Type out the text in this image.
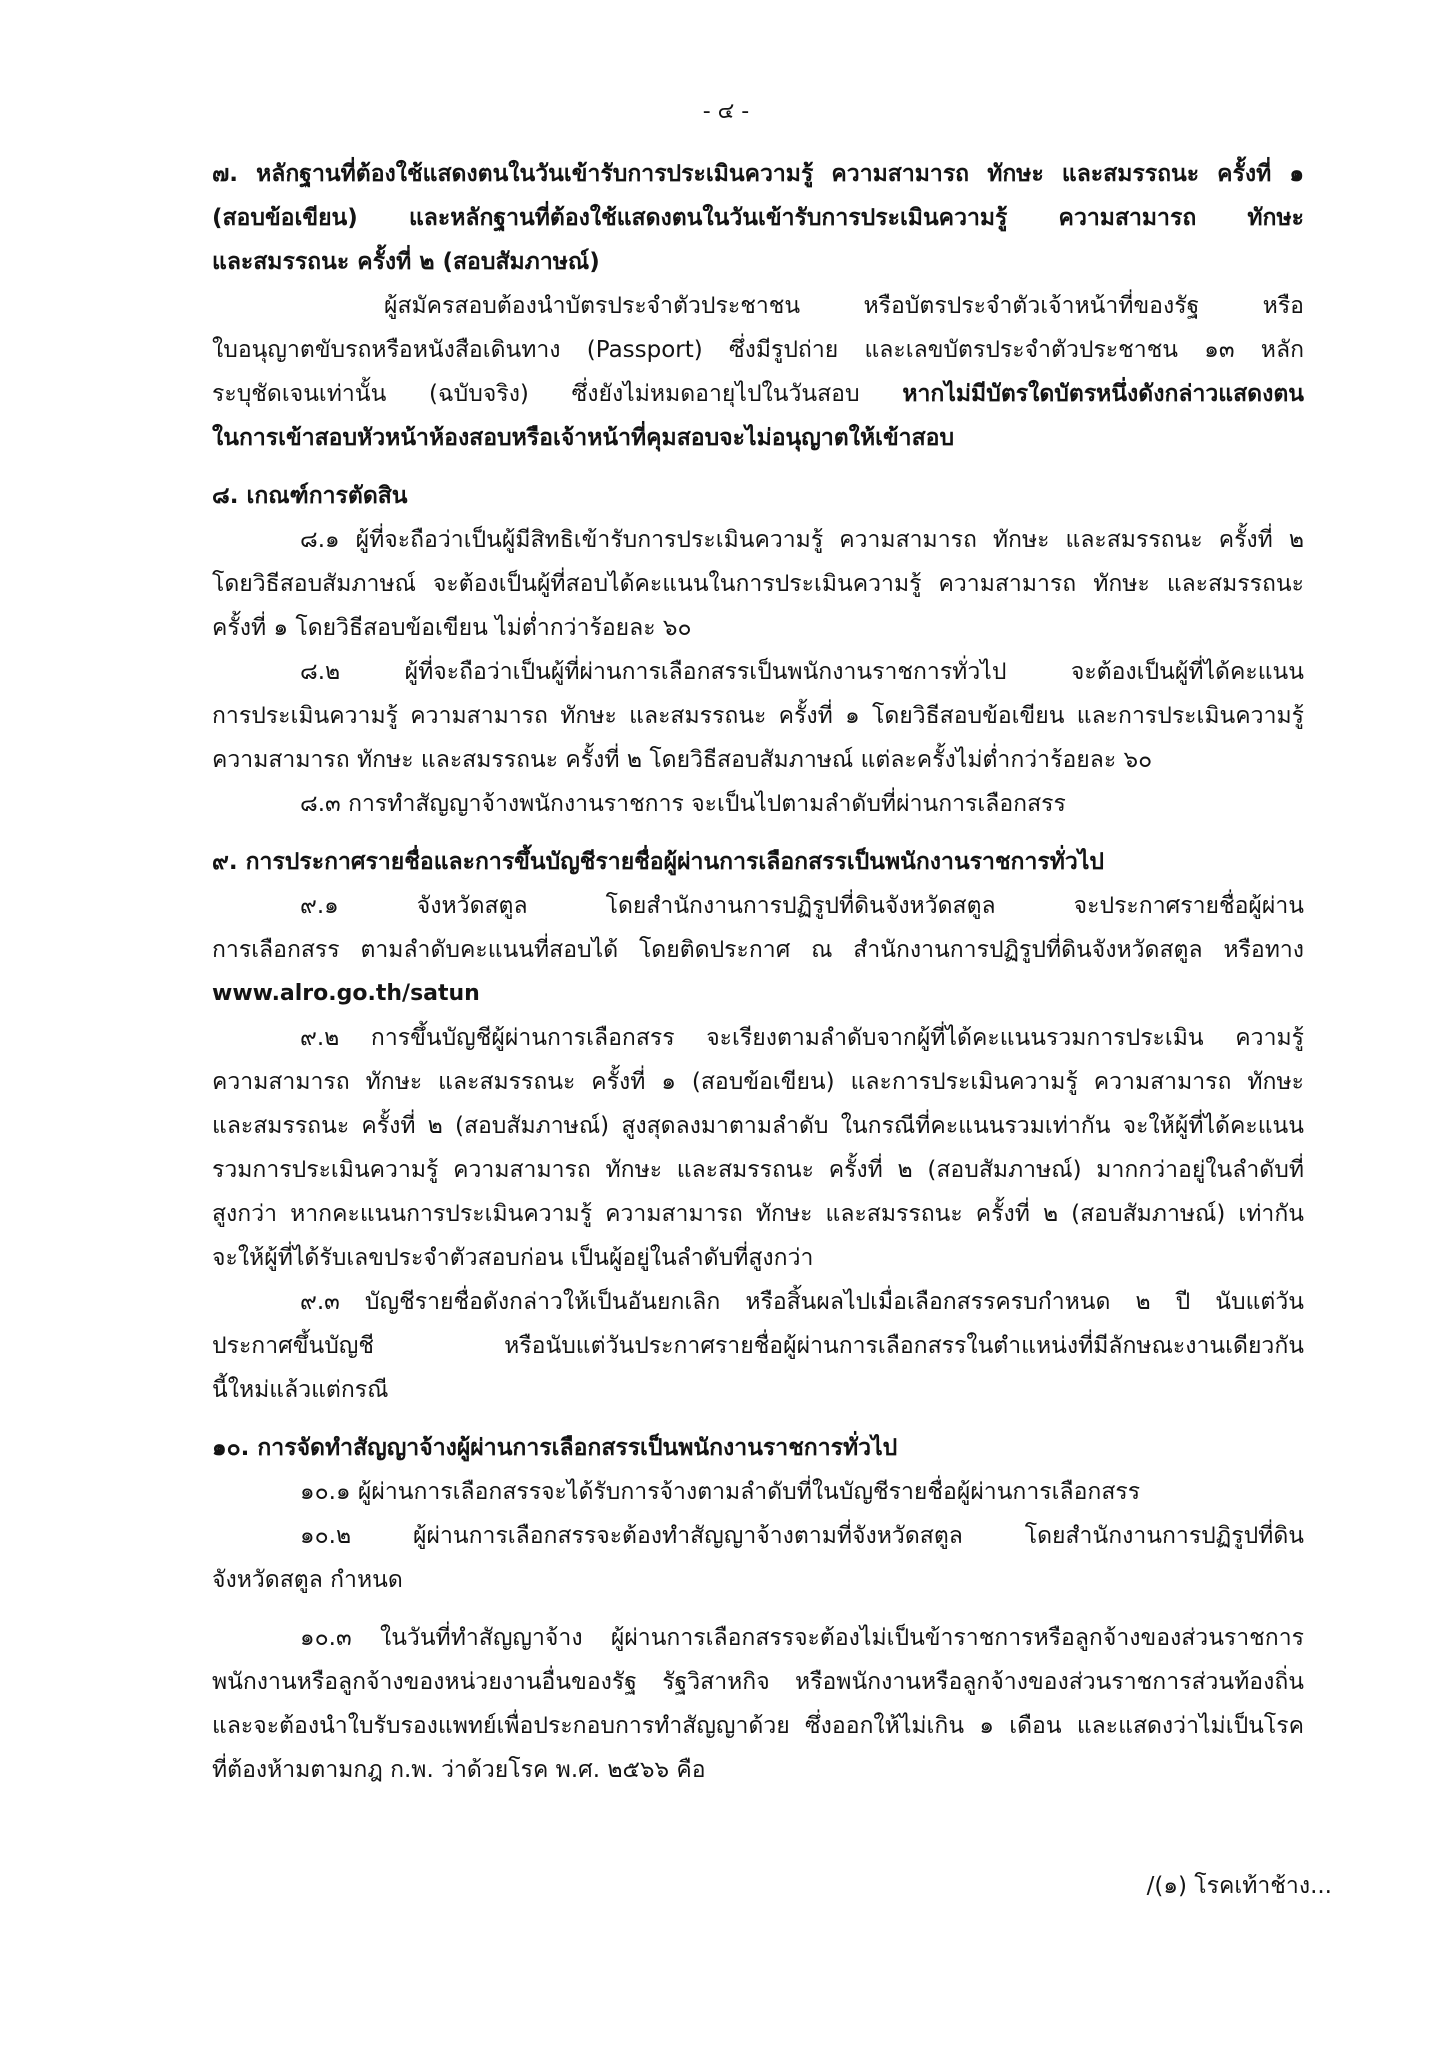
- ๔ -
๗. หลักฐานที่ต้องใช้แสดงตนในวันเข้ารับการประเมินความรู้ ความสามารถ ทักษะ และสมรรถนะ ครั้งที่ ๑
(สอบข้อเขียน) และหลักฐานที่ต้องใช้แสดงตนในวันเข้ารับการประเมินความรู้ ความสามารถ ทักษะ
และสมรรถนะ ครั้งที่ ๒ (สอบสัมภาษณ์)
ผู้สมัครสอบต้องนำบัตรประจำตัวประชาชน หรือบัตรประจำตัวเจ้าหน้าที่ของรัฐ หรือ
ใบอนุญาตขับรถหรือหนังสือเดินทาง (Passport) ซึ่งมีรูปถ่าย และเลขบัตรประจำตัวประชาชน ๑๓ หลัก
ระบุชัดเจนเท่านั้น (ฉบับจริง) ซึ่งยังไม่หมดอายุไปในวันสอบ หากไม่มีบัตรใดบัตรหนึ่งดังกล่าวแสดงตน
ในการเข้าสอบหัวหน้าห้องสอบหรือเจ้าหน้าที่คุมสอบจะไม่อนุญาตให้เข้าสอบ
๘. เกณฑ์การตัดสิน
๘.๑ ผู้ที่จะถือว่าเป็นผู้มีสิทธิเข้ารับการประเมินความรู้ ความสามารถ ทักษะ และสมรรถนะ ครั้งที่ ๒
โดยวิธีสอบสัมภาษณ์ จะต้องเป็นผู้ที่สอบได้คะแนนในการประเมินความรู้ ความสามารถ ทักษะ และสมรรถนะ
ครั้งที่ ๑ โดยวิธีสอบข้อเขียน ไม่ต่ำกว่าร้อยละ ๖๐
๘.๒ ผู้ที่จะถือว่าเป็นผู้ที่ผ่านการเลือกสรรเป็นพนักงานราชการทั่วไป จะต้องเป็นผู้ที่ได้คะแนน
การประเมินความรู้ ความสามารถ ทักษะ และสมรรถนะ ครั้งที่ ๑ โดยวิธีสอบข้อเขียน และการประเมินความรู้
ความสามารถ ทักษะ และสมรรถนะ ครั้งที่ ๒ โดยวิธีสอบสัมภาษณ์ แต่ละครั้งไม่ต่ำกว่าร้อยละ ๖๐
๘.๓ การทำสัญญาจ้างพนักงานราชการ จะเป็นไปตามลำดับที่ผ่านการเลือกสรร
๙. การประกาศรายชื่อและการขึ้นบัญชีรายชื่อผู้ผ่านการเลือกสรรเป็นพนักงานราชการทั่วไป
๙.๑ จังหวัดสตูล โดยสำนักงานการปฏิรูปที่ดินจังหวัดสตูล จะประกาศรายชื่อผู้ผ่าน
การเลือกสรร ตามลำดับคะแนนที่สอบได้ โดยติดประกาศ ณ สำนักงานการปฏิรูปที่ดินจังหวัดสตูล หรือทาง
www.alro.go.th/satun
๙.๒ การขึ้นบัญชีผู้ผ่านการเลือกสรร จะเรียงตามลำดับจากผู้ที่ได้คะแนนรวมการประเมิน ความรู้
ความสามารถ ทักษะ และสมรรถนะ ครั้งที่ ๑ (สอบข้อเขียน) และการประเมินความรู้ ความสามารถ ทักษะ
และสมรรถนะ ครั้งที่ ๒ (สอบสัมภาษณ์) สูงสุดลงมาตามลำดับ ในกรณีที่คะแนนรวมเท่ากัน จะให้ผู้ที่ได้คะแนน
รวมการประเมินความรู้ ความสามารถ ทักษะ และสมรรถนะ ครั้งที่ ๒ (สอบสัมภาษณ์) มากกว่าอยู่ในลำดับที่
สูงกว่า หากคะแนนการประเมินความรู้ ความสามารถ ทักษะ และสมรรถนะ ครั้งที่ ๒ (สอบสัมภาษณ์) เท่ากัน
จะให้ผู้ที่ได้รับเลขประจำตัวสอบก่อน เป็นผู้อยู่ในลำดับที่สูงกว่า
๙.๓ บัญชีรายชื่อดังกล่าวให้เป็นอันยกเลิก หรือสิ้นผลไปเมื่อเลือกสรรครบกำหนด ๒ ปี นับแต่วัน
ประกาศขึ้นบัญชี หรือนับแต่วันประกาศรายชื่อผู้ผ่านการเลือกสรรในตำแหน่งที่มีลักษณะงานเดียวกัน
นี้ใหม่แล้วแต่กรณี
๑๐. การจัดทำสัญญาจ้างผู้ผ่านการเลือกสรรเป็นพนักงานราชการทั่วไป
๑๐.๑ ผู้ผ่านการเลือกสรรจะได้รับการจ้างตามลำดับที่ในบัญชีรายชื่อผู้ผ่านการเลือกสรร
๑๐.๒ ผู้ผ่านการเลือกสรรจะต้องทำสัญญาจ้างตามที่จังหวัดสตูล โดยสำนักงานการปฏิรูปที่ดิน
จังหวัดสตูล กำหนด
๑๐.๓ ในวันที่ทำสัญญาจ้าง ผู้ผ่านการเลือกสรรจะต้องไม่เป็นข้าราชการหรือลูกจ้างของส่วนราชการ
พนักงานหรือลูกจ้างของหน่วยงานอื่นของรัฐ รัฐวิสาหกิจ หรือพนักงานหรือลูกจ้างของส่วนราชการส่วนท้องถิ่น
และจะต้องนำใบรับรองแพทย์เพื่อประกอบการทำสัญญาด้วย ซึ่งออกให้ไม่เกิน ๑ เดือน และแสดงว่าไม่เป็นโรค
ที่ต้องห้ามตามกฎ ก.พ. ว่าด้วยโรค พ.ศ. ๒๕๖๖ คือ
/(๑) โรคเท้าช้าง...
